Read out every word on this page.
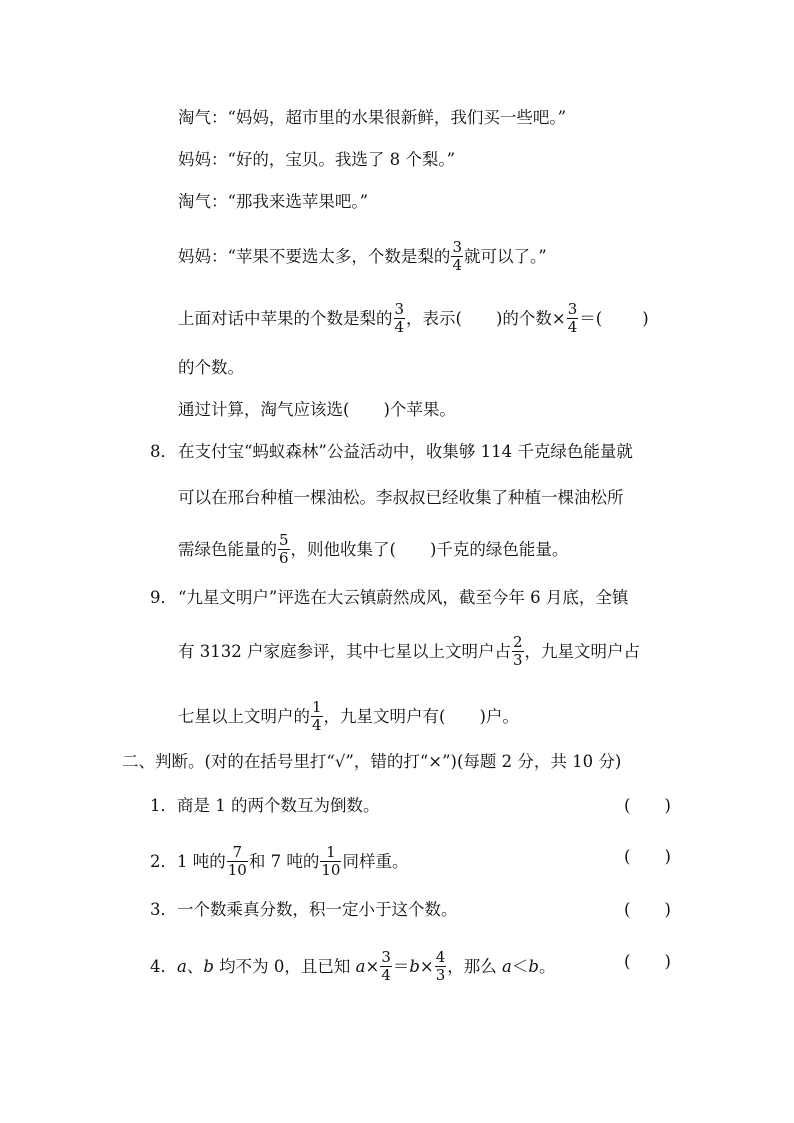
淘气：“妈妈，超市里的水果很新鲜，我们买一些吧。”
妈妈：“好的，宝贝。我选了 8 个梨。”
淘气：“那我来选苹果吧。”
妈妈：“苹果不要选太多，个数是梨的 $\frac{3}{4}$ 就可以了。”
上面对话中苹果的个数是梨的 $\frac{3}{4}$ ，表示( )的个数× $\frac{3}{4}$ ＝( )
的个数。
通过计算，淘气应该选( )个苹果。
8． 在支付宝“蚂蚁森林”公益活动中，收集够 114 千克绿色能量就
可以在邢台种植一棵油松。李叔叔已经收集了种植一棵油松所
需绿色能量的 $\frac{5}{6}$ ，则他收集了( )千克的绿色能量。
9． “九星文明户”评选在大云镇蔚然成风，截至今年 6 月底，全镇
有 3132 户家庭参评，其中七星以上文明户占 $\frac{2}{3}$ ，九星文明户占
七星以上文明户的 $\frac{1}{4}$ ，九星文明户有( )户。
二、判断。(对的在括号里打“√”，错的打“×”)(每题 2 分，共 10 分)
1．商是 1 的两个数互为倒数。	( )
2．1 吨的 $\frac{7}{10}$ 和 7 吨的 $\frac{1}{10}$ 同样重。	( )
3．一个数乘真分数，积一定小于这个数。	( )
4．a、b 均不为 0，且已知 $a\times \frac{3}{4} =b\times \frac{4}{3}$ ，那么 a＜b。	( )
